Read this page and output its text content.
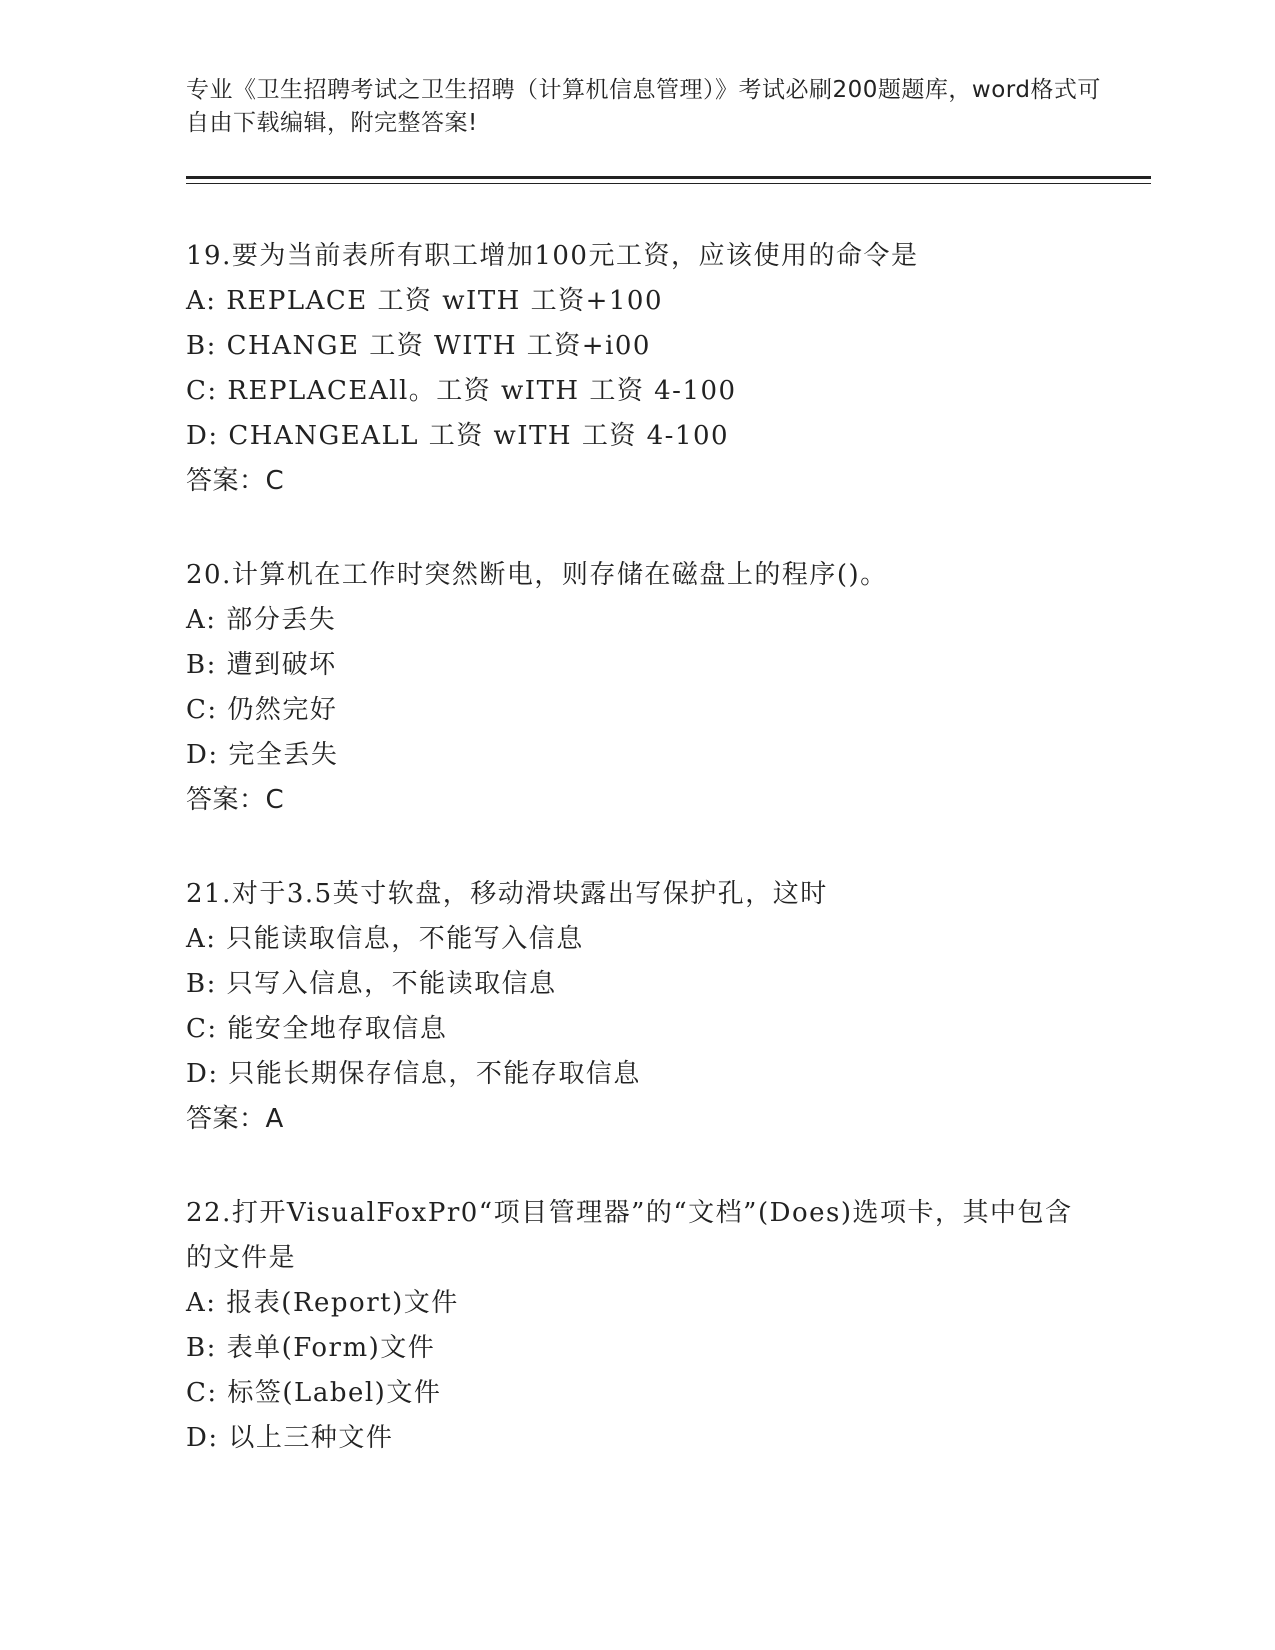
专业《卫生招聘考试之卫生招聘（计算机信息管理）》考试必刷200题题库，word格式可自由下载编辑，附完整答案!
19.要为当前表所有职工增加100元工资，应该使用的命令是
A: REPLACE 工资 wITH 工资+100
B: CHANGE 工资 WITH 工资+i00
C: REPLACEAll。工资 wITH 工资 4-100
D: CHANGEALL 工资 wITH 工资 4-100
答案：C
20.计算机在工作时突然断电，则存储在磁盘上的程序()。
A: 部分丢失
B: 遭到破坏
C: 仍然完好
D: 完全丢失
答案：C
21.对于3.5英寸软盘，移动滑块露出写保护孔，这时
A: 只能读取信息，不能写入信息
B: 只写入信息，不能读取信息
C: 能安全地存取信息
D: 只能长期保存信息，不能存取信息
答案：A
22.打开VisualFoxPr0“项目管理器”的“文档”(Does)选项卡，其中包含的文件是
A: 报表(Report)文件
B: 表单(Form)文件
C: 标签(Label)文件
D: 以上三种文件
